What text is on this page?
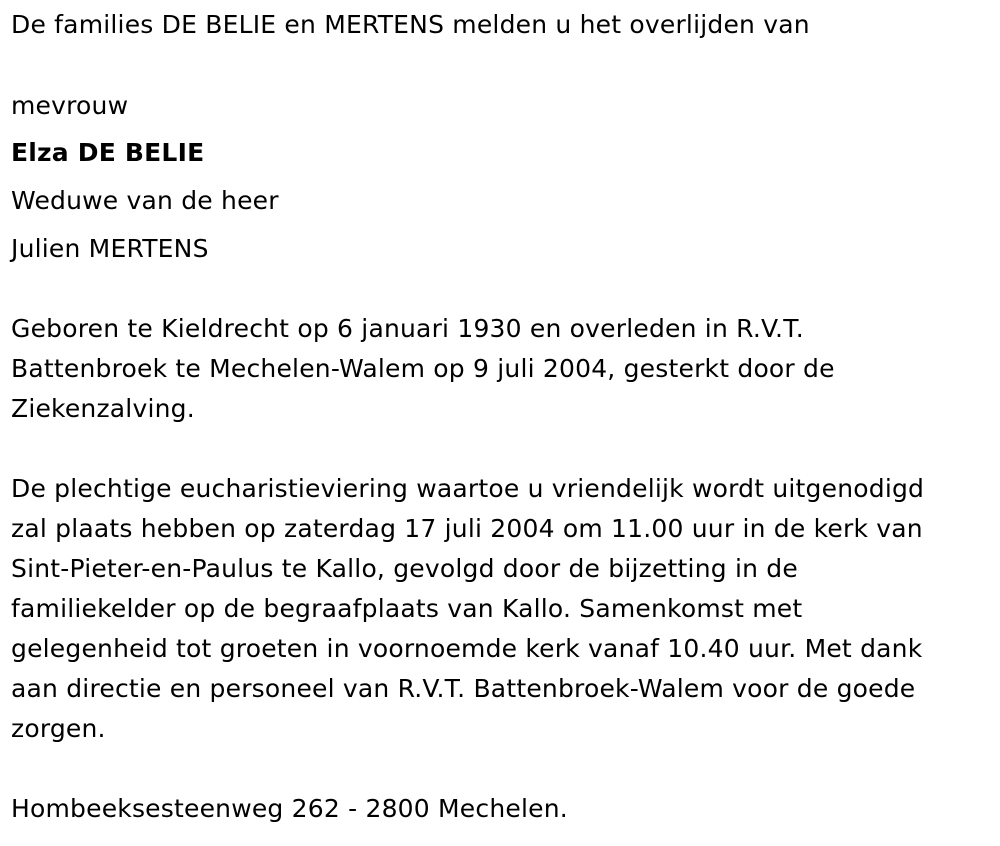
De families DE BELIE en MERTENS melden u het overlijden van
mevrouw
Elza DE BELIE
Weduwe van de heer
Julien MERTENS
Geboren te Kieldrecht op 6 januari 1930 en overleden in R.V.T.
Battenbroek te Mechelen-Walem op 9 juli 2004, gesterkt door de
Ziekenzalving.
De plechtige eucharistieviering waartoe u vriendelijk wordt uitgenodigd
zal plaats hebben op zaterdag 17 juli 2004 om 11.00 uur in de kerk van
Sint-Pieter-en-Paulus te Kallo, gevolgd door de bijzetting in de
familiekelder op de begraafplaats van Kallo. Samenkomst met
gelegenheid tot groeten in voornoemde kerk vanaf 10.40 uur. Met dank
aan directie en personeel van R.V.T. Battenbroek-Walem voor de goede
zorgen.
Hombeeksesteenweg 262 - 2800 Mechelen.
